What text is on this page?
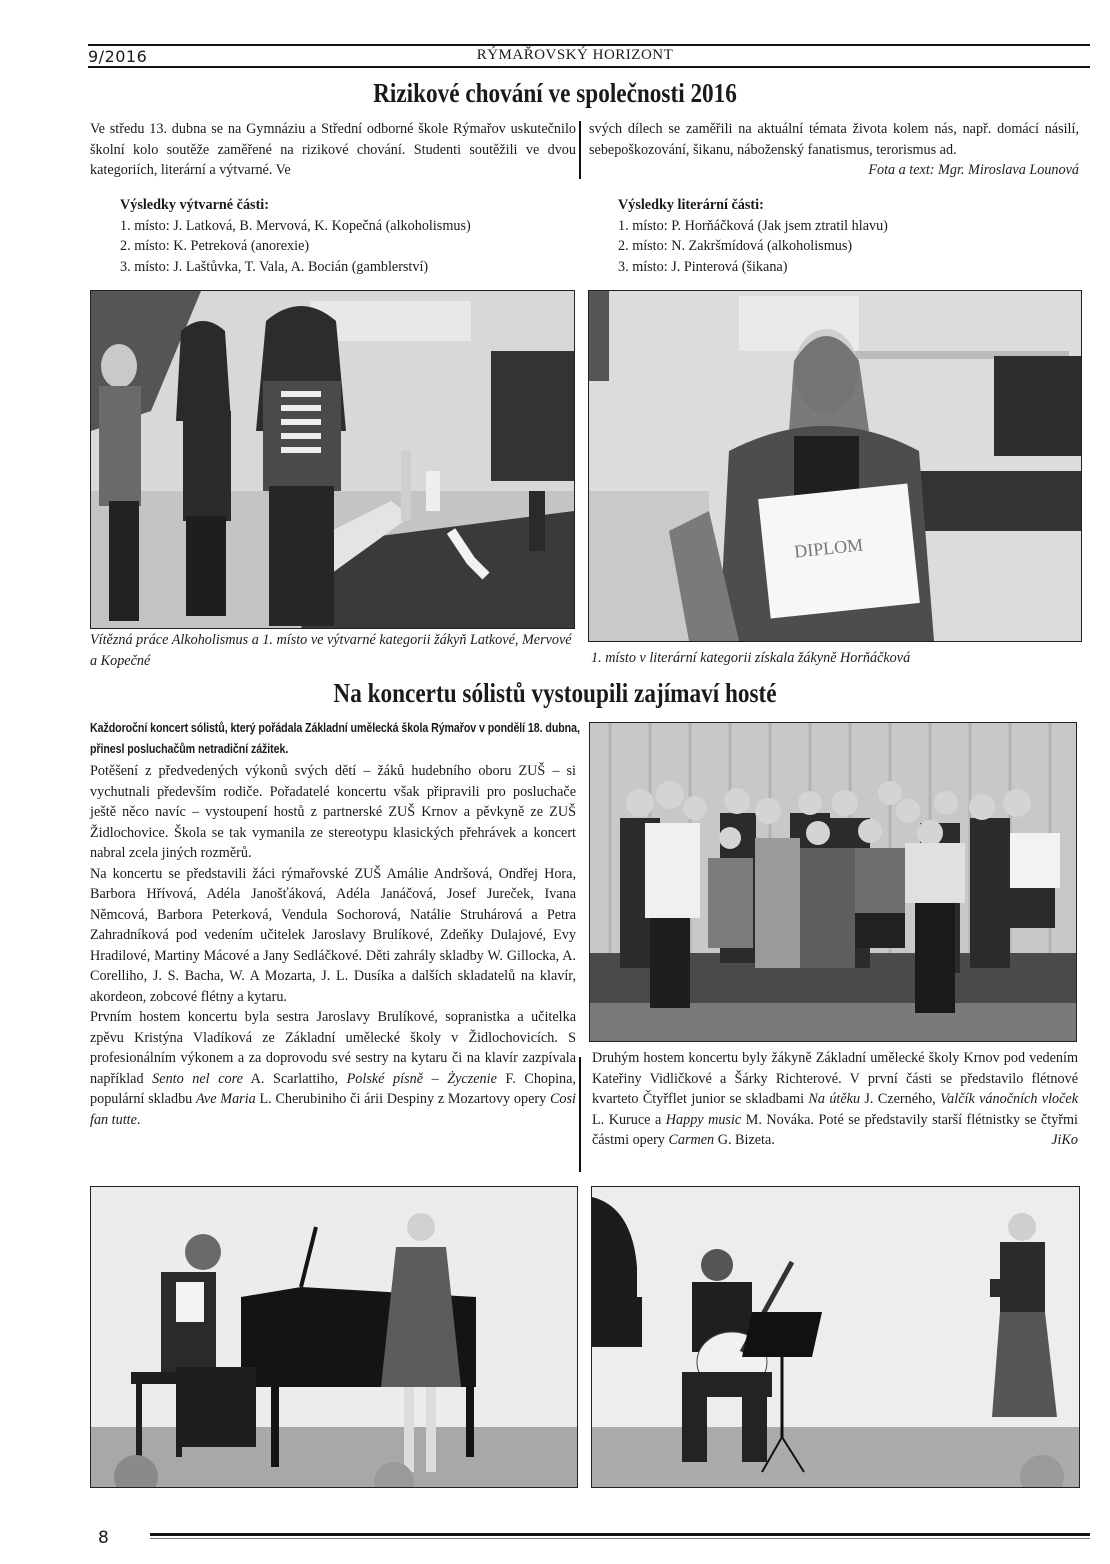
9/2016	RÝMAŘOVSKÝ HORIZONT
Rizikové chování ve společnosti 2016

Ve středu 13. dubna se na Gymnáziu a Střední odborné škole Rýmařov uskutečnilo školní kolo soutěže zaměřené na rizikové chování. Studenti soutěžili ve dvou kategoriích, literární a výtvarné. Ve

svých dílech se zaměřili na aktuální témata života kolem nás, např. domácí násilí, sebepoškozování, šikanu, náboženský fanatismus, terorismus ad.
Fota a text: Mgr. Miroslava Lounová

Výsledky výtvarné části:
1. místo: J. Latková, B. Mervová, K. Kopečná (alkoholismus)
2. místo: K. Petreková (anorexie)
3. místo: J. Laštůvka, T. Vala, A. Bocián (gamblerství)
Výsledky literární části:
1. místo: P. Horňáčková (Jak jsem ztratil hlavu)
2. místo: N. Zakršmídová (alkoholismus)
3. místo: J. Pinterová (šikana)
DIPLOM
Vítězná práce Alkoholismus a 1. místo ve výtvarné kategorii žákyň Latkové, Mervové a Kopečné	1. místo v literární kategorii získala žákyně Horňáčková
Na koncertu sólistů vystoupili zajímaví hosté
Každoroční koncert sólistů, který pořádala Základní umělecká škola Rýmařov v pondělí 18. dubna, přinesl posluchačům netradiční zážitek.

Potěšení z předvedených výkonů svých dětí – žáků hudebního oboru ZUŠ – si vychutnali především rodiče. Pořadatelé koncertu však připravili pro posluchače ještě něco navíc – vystoupení hostů z partnerské ZUŠ Krnov a pěvkyně ze ZUŠ Židlochovice. Škola se tak vymanila ze stereotypu klasických přehrávek a koncert nabral zcela jiných rozměrů.

Na koncertu se představili žáci rýmařovské ZUŠ Amálie Andršová, Ondřej Hora, Barbora Hřívová, Adéla Janošťáková, Adéla Janáčová, Josef Jureček, Ivana Němcová, Barbora Peterková, Vendula Sochorová, Natálie Struhárová a Petra Zahradníková pod vedením učitelek Jaroslavy Brulíkové, Zdeňky Dulajové, Evy Hradilové, Martiny Mácové a Jany Sedláčkové. Děti zahrály skladby W. Gillocka, A. Corelliho, J. S. Bacha, W. A Mozarta, J. L. Dusíka a dalších skladatelů na klavír, akordeon, zobcové flétny a kytaru.

Prvním hostem koncertu byla sestra Jaroslavy Brulíkové, sopranistka a učitelka zpěvu Kristýna Vladíková ze Základní umělecké školy v Židlochovicích. S profesionálním výkonem a za doprovodu své sestry na kytaru či na klavír zazpívala například Sento nel core A. Scarlattiho, Polské písně – Życzenie F. Chopina, populární skladbu Ave Maria L. Cherubiniho či árii Despiny z Mozartovy opery Cosi fan tutte.

Druhým hostem koncertu byly žákyně Základní umělecké školy Krnov pod vedením Kateřiny Vidličkové a Šárky Richterové. V první části se představilo flétnové kvarteto Čtyřflet junior se skladbami Na útěku J. Czerného, Valčík vánočních vloček L. Kuruce a Happy music M. Nováka. Poté se představily starší flétnistky se čtyřmi částmi opery Carmen G. Bizeta.	JiKo

8
